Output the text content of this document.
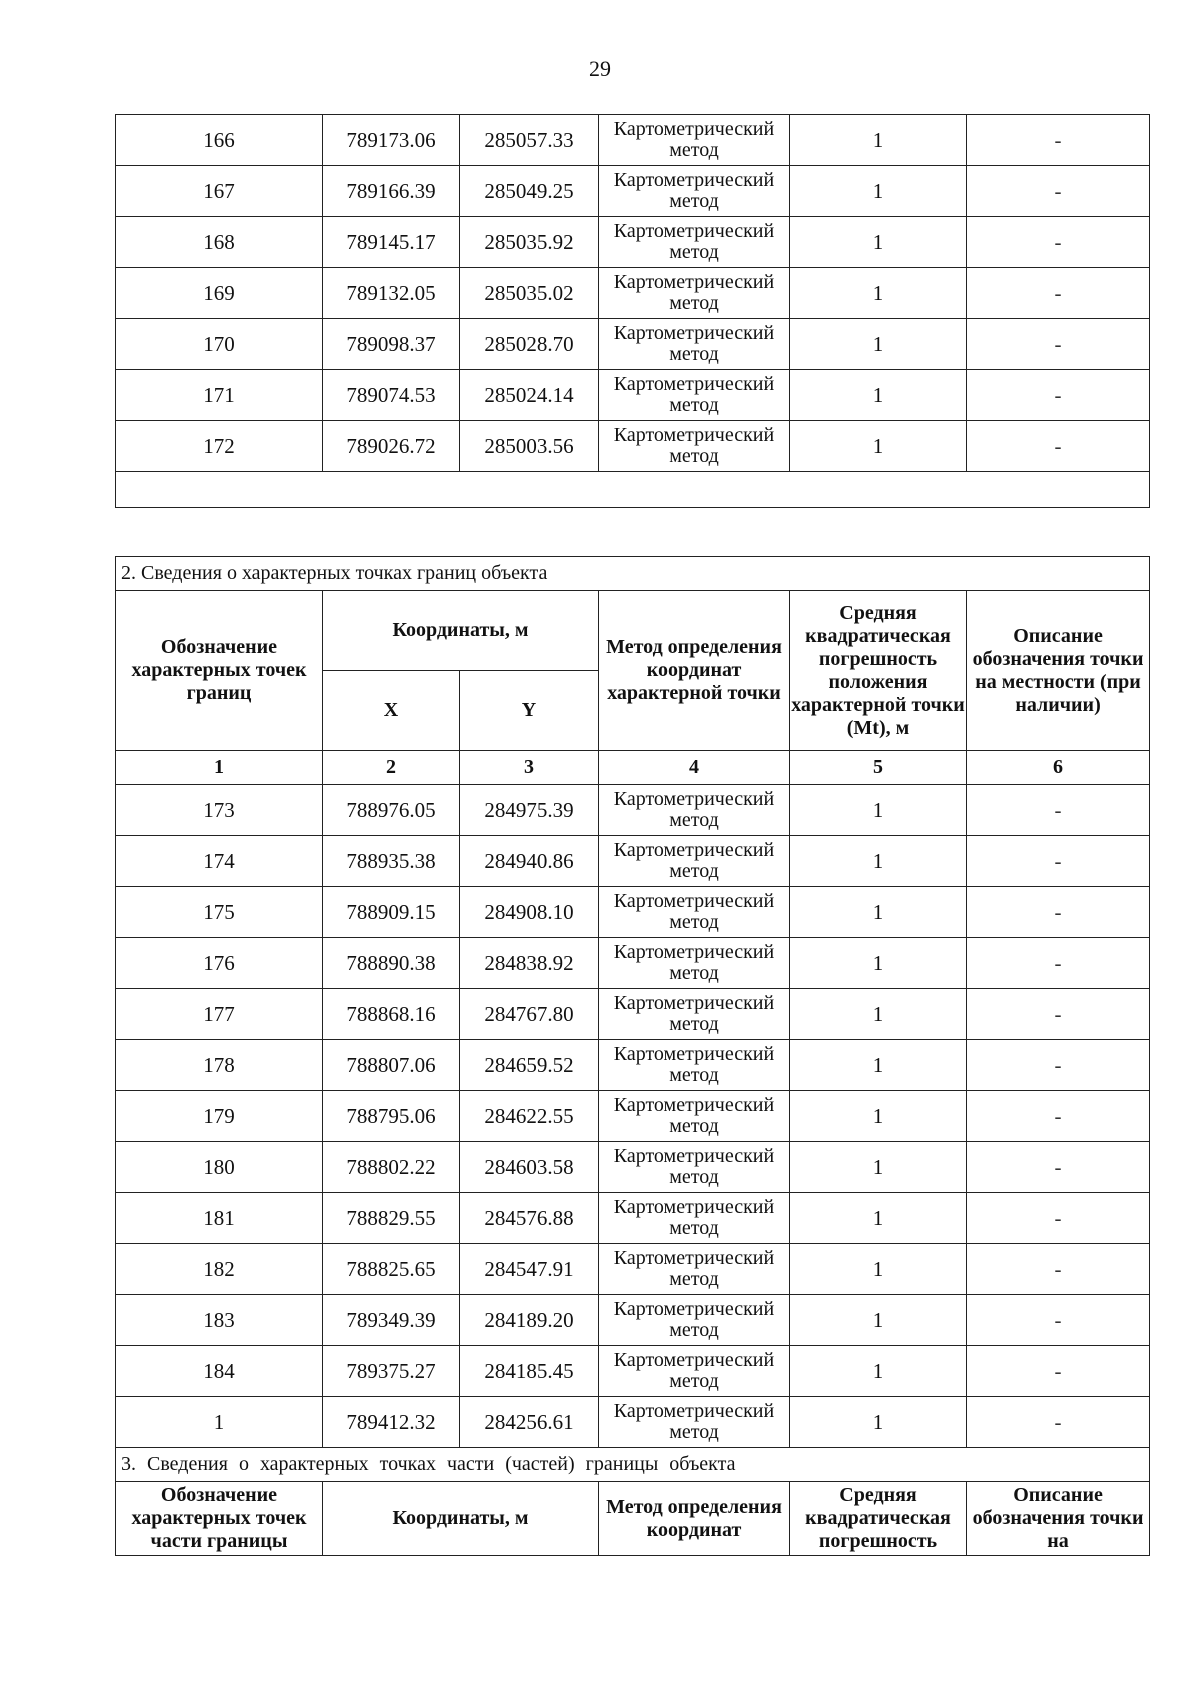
29
166	789173.06	285057.33	Картометрический метод	1	-
167	789166.39	285049.25	Картометрический метод	1	-
168	789145.17	285035.92	Картометрический метод	1	-
169	789132.05	285035.02	Картометрический метод	1	-
170	789098.37	285028.70	Картометрический метод	1	-
171	789074.53	285024.14	Картометрический метод	1	-
172	789026.72	285003.56	Картометрический метод	1	-

2. Сведения о характерных точках границ объекта					
Обозначение характерных точек границ	Координаты, м		Метод определения координат характерной точки	Средняя квадратическая погрешность положения характерной точки (Mt), м	Описание обозначения точки на местности (при наличии)
	X	Y			
1	2	3	4	5	6
173	788976.05	284975.39	Картометрический метод	1	-
174	788935.38	284940.86	Картометрический метод	1	-
175	788909.15	284908.10	Картометрический метод	1	-
176	788890.38	284838.92	Картометрический метод	1	-
177	788868.16	284767.80	Картометрический метод	1	-
178	788807.06	284659.52	Картометрический метод	1	-
179	788795.06	284622.55	Картометрический метод	1	-
180	788802.22	284603.58	Картометрический метод	1	-
181	788829.55	284576.88	Картометрический метод	1	-
182	788825.65	284547.91	Картометрический метод	1	-
183	789349.39	284189.20	Картометрический метод	1	-
184	789375.27	284185.45	Картометрический метод	1	-
1	789412.32	284256.61	Картометрический метод	1	-
3. Сведения о характерных точках части (частей) границы объекта					
Обозначение характерных точек части границы	Координаты, м		Метод определения координат	Средняя квадратическая погрешность	Описание обозначения точки на
